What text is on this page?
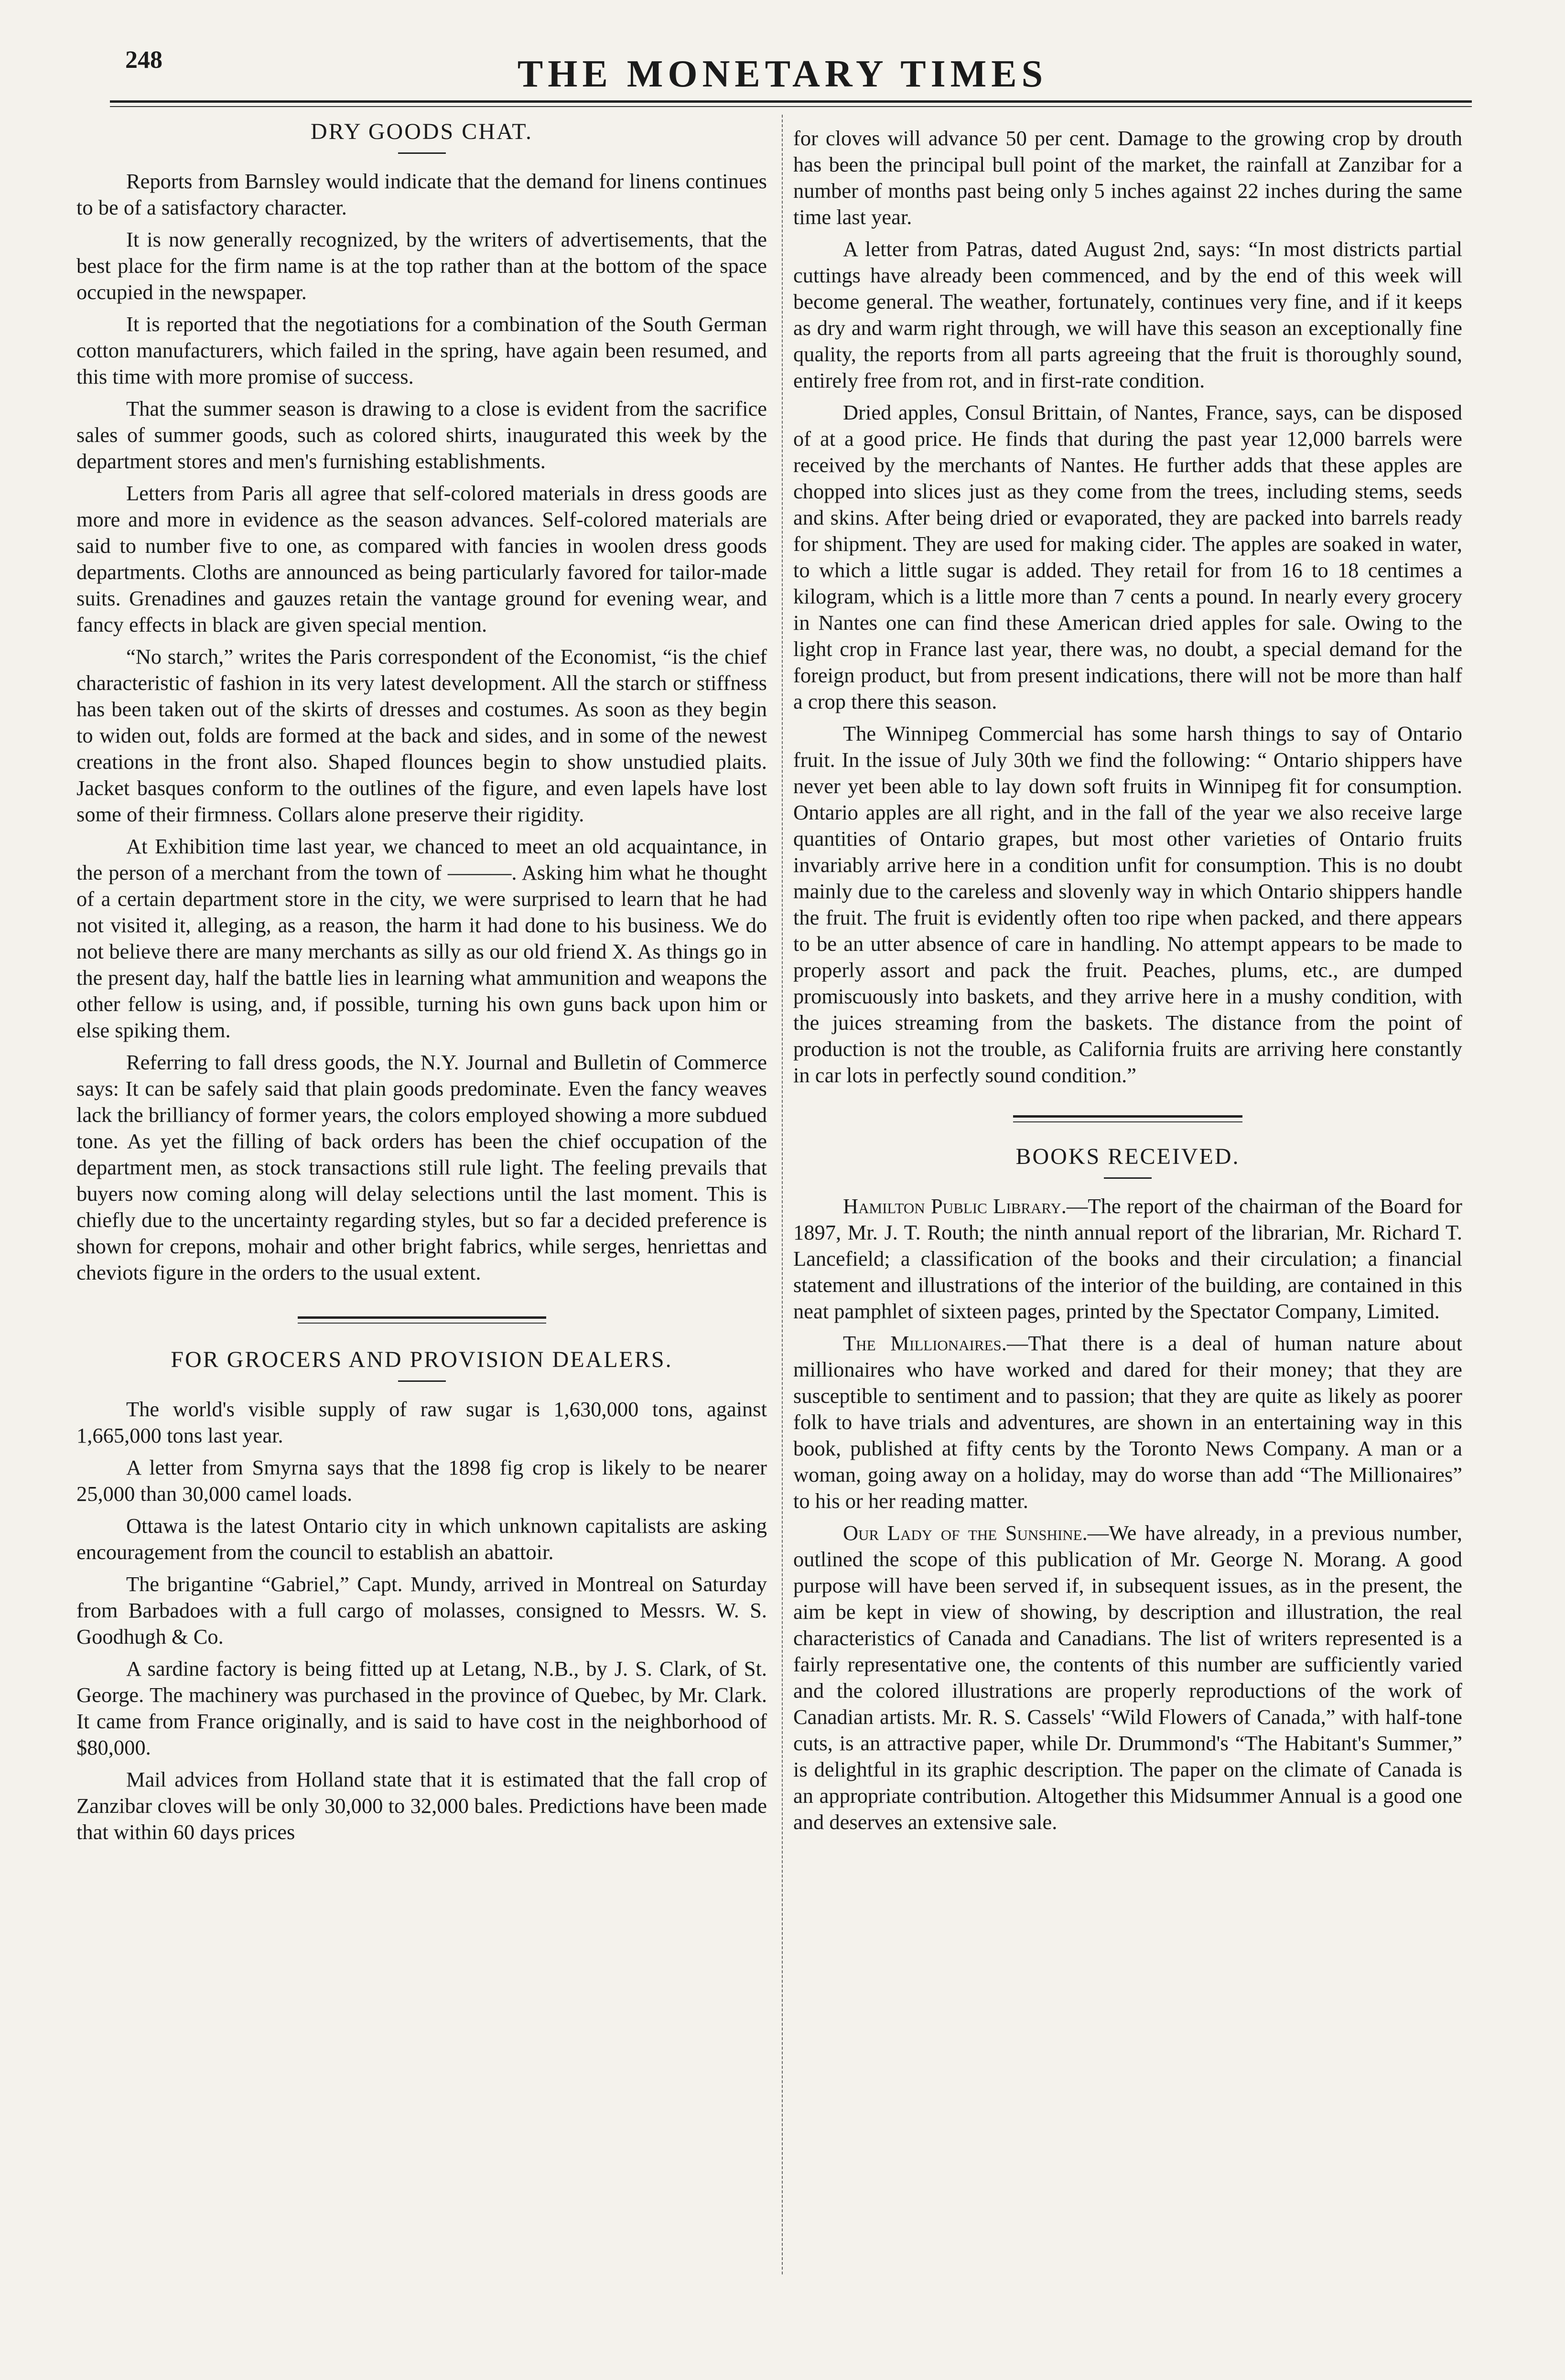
248	THE MONETARY TIMES
DRY GOODS CHAT.

Reports from Barnsley would indicate that the demand for linens continues to be of a satisfactory character.

It is now generally recognized, by the writers of advertisements, that the best place for the firm name is at the top rather than at the bottom of the space occupied in the newspaper.

It is reported that the negotiations for a combination of the South German cotton manufacturers, which failed in the spring, have again been resumed, and this time with more promise of success.

That the summer season is drawing to a close is evident from the sacrifice sales of summer goods, such as colored shirts, inaugurated this week by the department stores and men's furnishing establishments.

Letters from Paris all agree that self-colored materials in dress goods are more and more in evidence as the season advances. Self-colored materials are said to number five to one, as compared with fancies in woolen dress goods departments. Cloths are announced as being particularly favored for tailor-made suits. Grenadines and gauzes retain the vantage ground for evening wear, and fancy effects in black are given special mention.

“No starch,” writes the Paris correspondent of the Economist, “is the chief characteristic of fashion in its very latest development. All the starch or stiffness has been taken out of the skirts of dresses and costumes. As soon as they begin to widen out, folds are formed at the back and sides, and in some of the newest creations in the front also. Shaped flounces begin to show unstudied plaits. Jacket basques conform to the outlines of the figure, and even lapels have lost some of their firmness. Collars alone preserve their rigidity.

At Exhibition time last year, we chanced to meet an old acquaintance, in the person of a merchant from the town of ———. Asking him what he thought of a certain department store in the city, we were surprised to learn that he had not visited it, alleging, as a reason, the harm it had done to his business. We do not believe there are many merchants as silly as our old friend X. As things go in the present day, half the battle lies in learning what ammunition and weapons the other fellow is using, and, if possible, turning his own guns back upon him or else spiking them.

Referring to fall dress goods, the N.Y. Journal and Bulletin of Commerce says: It can be safely said that plain goods predominate. Even the fancy weaves lack the brilliancy of former years, the colors employed showing a more subdued tone. As yet the filling of back orders has been the chief occupation of the department men, as stock transactions still rule light. The feeling prevails that buyers now coming along will delay selections until the last moment. This is chiefly due to the uncertainty regarding styles, but so far a decided preference is shown for crepons, mohair and other bright fabrics, while serges, henriettas and cheviots figure in the orders to the usual extent.

FOR GROCERS AND PROVISION DEALERS.

The world's visible supply of raw sugar is 1,630,000 tons, against 1,665,000 tons last year.

A letter from Smyrna says that the 1898 fig crop is likely to be nearer 25,000 than 30,000 camel loads.

Ottawa is the latest Ontario city in which unknown capitalists are asking encouragement from the council to establish an abattoir.

The brigantine “Gabriel,” Capt. Mundy, arrived in Montreal on Saturday from Barbadoes with a full cargo of molasses, consigned to Messrs. W. S. Goodhugh & Co.

A sardine factory is being fitted up at Letang, N.B., by J. S. Clark, of St. George. The machinery was purchased in the province of Quebec, by Mr. Clark. It came from France originally, and is said to have cost in the neighborhood of $80,000.

Mail advices from Holland state that it is estimated that the fall crop of Zanzibar cloves will be only 30,000 to 32,000 bales. Predictions have been made that within 60 days prices

for cloves will advance 50 per cent. Damage to the growing crop by drouth has been the principal bull point of the market, the rainfall at Zanzibar for a number of months past being only 5 inches against 22 inches during the same time last year.

A letter from Patras, dated August 2nd, says: “In most districts partial cuttings have already been commenced, and by the end of this week will become general. The weather, fortunately, continues very fine, and if it keeps as dry and warm right through, we will have this season an exceptionally fine quality, the reports from all parts agreeing that the fruit is thoroughly sound, entirely free from rot, and in first-rate condition.

Dried apples, Consul Brittain, of Nantes, France, says, can be disposed of at a good price. He finds that during the past year 12,000 barrels were received by the merchants of Nantes. He further adds that these apples are chopped into slices just as they come from the trees, including stems, seeds and skins. After being dried or evaporated, they are packed into barrels ready for shipment. They are used for making cider. The apples are soaked in water, to which a little sugar is added. They retail for from 16 to 18 centimes a kilogram, which is a little more than 7 cents a pound. In nearly every grocery in Nantes one can find these American dried apples for sale. Owing to the light crop in France last year, there was, no doubt, a special demand for the foreign product, but from present indications, there will not be more than half a crop there this season.

The Winnipeg Commercial has some harsh things to say of Ontario fruit. In the issue of July 30th we find the following: “ Ontario shippers have never yet been able to lay down soft fruits in Winnipeg fit for consumption. Ontario apples are all right, and in the fall of the year we also receive large quantities of Ontario grapes, but most other varieties of Ontario fruits invariably arrive here in a condition unfit for consumption. This is no doubt mainly due to the careless and slovenly way in which Ontario shippers handle the fruit. The fruit is evidently often too ripe when packed, and there appears to be an utter absence of care in handling. No attempt appears to be made to properly assort and pack the fruit. Peaches, plums, etc., are dumped promiscuously into baskets, and they arrive here in a mushy condition, with the juices streaming from the baskets. The distance from the point of production is not the trouble, as California fruits are arriving here constantly in car lots in perfectly sound condition.”

BOOKS RECEIVED.

Hamilton Public Library.—The report of the chairman of the Board for 1897, Mr. J. T. Routh; the ninth annual report of the librarian, Mr. Richard T. Lancefield; a classification of the books and their circulation; a financial statement and illustrations of the interior of the building, are contained in this neat pamphlet of sixteen pages, printed by the Spectator Company, Limited.

The Millionaires.—That there is a deal of human nature about millionaires who have worked and dared for their money; that they are susceptible to sentiment and to passion; that they are quite as likely as poorer folk to have trials and adventures, are shown in an entertaining way in this book, published at fifty cents by the Toronto News Company. A man or a woman, going away on a holiday, may do worse than add “The Millionaires” to his or her reading matter.

Our Lady of the Sunshine.—We have already, in a previous number, outlined the scope of this publication of Mr. George N. Morang. A good purpose will have been served if, in subsequent issues, as in the present, the aim be kept in view of showing, by description and illustration, the real characteristics of Canada and Canadians. The list of writers represented is a fairly representative one, the contents of this number are sufficiently varied and the colored illustrations are properly reproductions of the work of Canadian artists. Mr. R. S. Cassels' “Wild Flowers of Canada,” with half-tone cuts, is an attractive paper, while Dr. Drummond's “The Habitant's Summer,” is delightful in its graphic description. The paper on the climate of Canada is an appropriate contribution. Altogether this Midsummer Annual is a good one and deserves an extensive sale.
